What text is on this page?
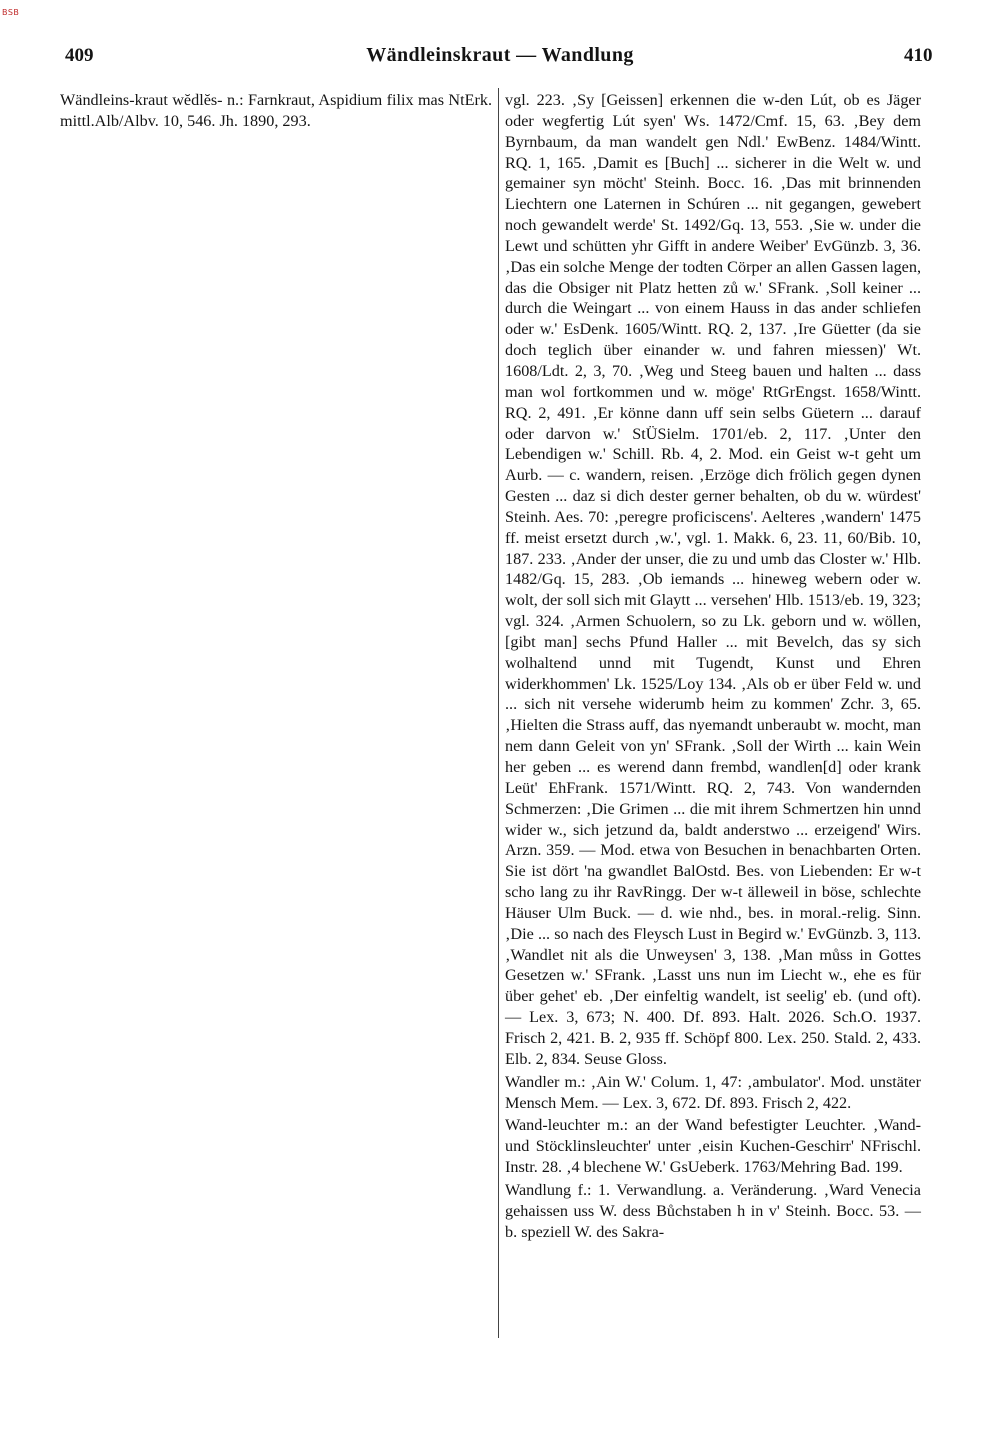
BSB
409	Wändleinskraut — Wandlung	410

Wändleins-kraut wĕdlĕs- n.: Farnkraut, Aspidium filix mas NtErk. mittl.Alb/Albv. 10, 546. Jh. 1890, 293.

vgl. 223. ‚Sy [Geissen] erkennen die w-den Lút, ob es Jäger oder wegfertig Lút syen' Ws. 1472/Cmf. 15, 63. ‚Bey dem Byrnbaum, da man wandelt gen Ndl.' EwBenz. 1484/Wintt. RQ. 1, 165. ‚Damit es [Buch] ... sicherer in die Welt w. und gemainer syn möcht' Steinh. Bocc. 16. ‚Das mit brinnenden Liechtern one Laternen in Schúren ... nit gegangen, gewebert noch gewandelt werde' St. 1492/Gq. 13, 553. ‚Sie w. under die Lewt und schütten yhr Gifft in andere Weiber' EvGünzb. 3, 36. ‚Das ein solche Menge der todten Cörper an allen Gassen lagen, das die Obsiger nit Platz hetten zů w.' SFrank. ‚Soll keiner ... durch die Weingart ... von einem Hauss in das ander schliefen oder w.' EsDenk. 1605/Wintt. RQ. 2, 137. ‚Ire Güetter (da sie doch teglich über einander w. und fahren miessen)' Wt. 1608/Ldt. 2, 3, 70. ‚Weg und Steeg bauen und halten ... dass man wol fortkommen und w. möge' RtGrEngst. 1658/Wintt. RQ. 2, 491. ‚Er könne dann uff sein selbs Güetern ... darauf oder darvon w.' StÜSielm. 1701/eb. 2, 117. ‚Unter den Lebendigen w.' Schill. Rb. 4, 2. Mod. ein Geist w-t geht um Aurb. — c. wandern, reisen. ‚Erzöge dich frölich gegen dynen Gesten ... daz si dich dester gerner behalten, ob du w. würdest' Steinh. Aes. 70: ‚peregre proficiscens'. Aelteres ‚wandern' 1475 ff. meist ersetzt durch ‚w.', vgl. 1. Makk. 6, 23. 11, 60/Bib. 10, 187. 233. ‚Ander der unser, die zu und umb das Closter w.' Hlb. 1482/Gq. 15, 283. ‚Ob iemands ... hineweg webern oder w. wolt, der soll sich mit Glaytt ... versehen' Hlb. 1513/eb. 19, 323; vgl. 324. ‚Armen Schuolern, so zu Lk. geborn und w. wöllen, [gibt man] sechs Pfund Haller ... mit Bevelch, das sy sich wolhaltend unnd mit Tugendt, Kunst und Ehren widerkhommen' Lk. 1525/Loy 134. ‚Als ob er über Feld w. und ... sich nit versehe widerumb heim zu kommen' Zchr. 3, 65. ‚Hielten die Strass auff, das nyemandt unberaubt w. mocht, man nem dann Geleit von yn' SFrank. ‚Soll der Wirth ... kain Wein her geben ... es werend dann frembd, wandlen[d] oder krank Leüt' EhFrank. 1571/Wintt. RQ. 2, 743. Von wandernden Schmerzen: ‚Die Grimen ... die mit ihrem Schmertzen hin unnd wider w., sich jetzund da, baldt anderstwo ... erzeigend' Wirs. Arzn. 359. — Mod. etwa von Besuchen in benachbarten Orten. Sie ist dört 'na gwandlet BalOstd. Bes. von Liebenden: Er w-t scho lang zu ihr RavRingg. Der w-t älleweil in böse, schlechte Häuser Ulm Buck. — d. wie nhd., bes. in moral.-relig. Sinn. ‚Die ... so nach des Fleysch Lust in Begird w.' EvGünzb. 3, 113. ‚Wandlet nit als die Unweysen' 3, 138. ‚Man můss in Gottes Gesetzen w.' SFrank. ‚Lasst uns nun im Liecht w., ehe es für über gehet' eb. ‚Der einfeltig wandelt, ist seelig' eb. (und oft). — Lex. 3, 673; N. 400. Df. 893. Halt. 2026. Sch.O. 1937. Frisch 2, 421. B. 2, 935 ff. Schöpf 800. Lex. 250. Stald. 2, 433. Elb. 2, 834. Seuse Gloss.

Wandler m.: ‚Ain W.' Colum. 1, 47: ‚ambulator'. Mod. unstäter Mensch Mem. — Lex. 3, 672. Df. 893. Frisch 2, 422.

Wand-leuchter m.: an der Wand befestigter Leuchter. ‚Wand- und Stöcklinsleuchter' unter ‚eisin Kuchen-Geschirr' NFrischl. Instr. 28. ‚4 blechene W.' GsUeberk. 1763/Mehring Bad. 199.

Wandlung f.: 1. Verwandlung. a. Veränderung. ‚Ward Venecia gehaissen uss W. dess Bůchstaben h in v' Steinh. Bocc. 53. — b. speziell W. des Sakra-
